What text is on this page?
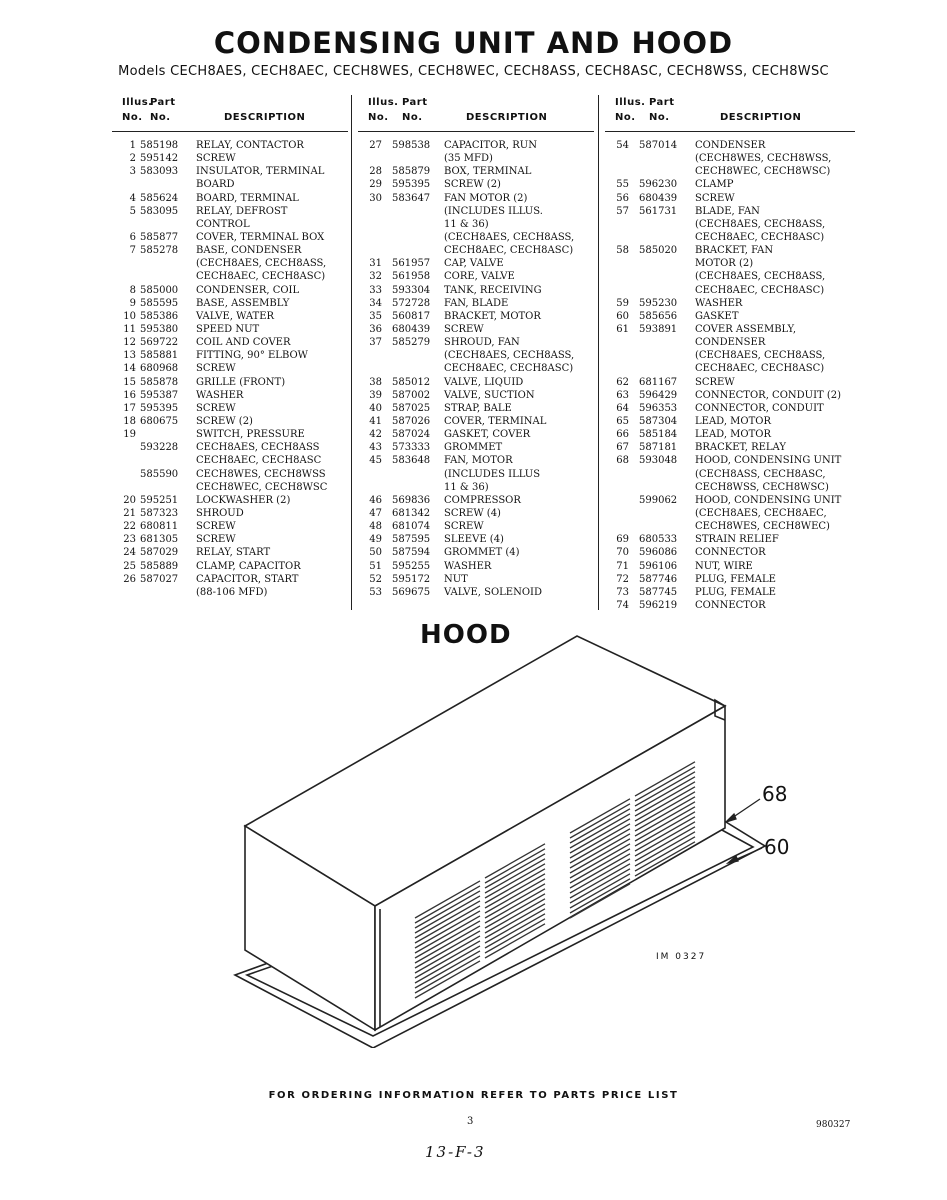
CONDENSING UNIT AND HOOD
Models CECH8AES, CECH8AEC, CECH8WES, CECH8WEC, CECH8ASS, CECH8ASC, CECH8WSS, CECH8WSC
Illus.
Part
No. No.	DESCRIPTION
1 585198 RELAY, CONTACTOR
2 595142 SCREW
3 583093 INSULATOR, TERMINAL
BOARD
4 585624 BOARD, TERMINAL
5 583095 RELAY, DEFROST
CONTROL
6 585877 COVER, TERMINAL BOX
7 585278 BASE, CONDENSER
(CECH8AES, CECH8ASS,
CECH8AEC, CECH8ASC)
8 585000 CONDENSER, COIL
9 585595 BASE, ASSEMBLY
10 585386 VALVE, WATER
11 595380 SPEED NUT
12 569722 COIL AND COVER
13 585881 FITTING, 90° ELBOW
14 680968 SCREW
15 585878 GRILLE (FRONT)
16 595387 WASHER
17 595395 SCREW
18 680675 SCREW (2)
19	SWITCH, PRESSURE
593228 CECH8AES, CECH8ASS
CECH8AEC, CECH8ASC
585590 CECH8WES, CECH8WSS
CECH8WEC, CECH8WSC
20 595251 LOCKWASHER (2)
21 587323 SHROUD
22 680811 SCREW
23 681305 SCREW
24 587029 RELAY, START
25 585889 CLAMP, CAPACITOR
26 587027 CAPACITOR, START
(88-106 MFD)
Illus. Part
No. No.	DESCRIPTION
27 598538 CAPACITOR, RUN
(35 MFD)
28 585879 BOX, TERMINAL
29 595395 SCREW (2)
30 583647 FAN MOTOR (2)
(INCLUDES ILLUS.
11 & 36)
(CECH8AES, CECH8ASS,
CECH8AEC, CECH8ASC)
31 561957 CAP, VALVE
32 561958 CORE, VALVE
33 593304 TANK, RECEIVING
34 572728 FAN, BLADE
35 560817 BRACKET, MOTOR
36 680439 SCREW
37 585279 SHROUD, FAN
(CECH8AES, CECH8ASS,
CECH8AEC, CECH8ASC)
38 585012 VALVE, LIQUID
39 587002 VALVE, SUCTION
40 587025 STRAP, BALE
41 587026 COVER, TERMINAL
42 587024 GASKET, COVER
43 573333 GROMMET
45 583648 FAN, MOTOR
(INCLUDES ILLUS
11 & 36)
46 569836 COMPRESSOR
47 681342 SCREW (4)
48 681074 SCREW
49 587595 SLEEVE (4)
50 587594 GROMMET (4)
51 595255 WASHER
52 595172 NUT
53 569675 VALVE, SOLENOID
Illus. Part
No. No.	DESCRIPTION
54 587014 CONDENSER
(CECH8WES, CECH8WSS,
CECH8WEC, CECH8WSC)
55 596230 CLAMP
56 680439 SCREW
57 561731 BLADE, FAN
(CECH8AES, CECH8ASS,
CECH8AEC, CECH8ASC)
58 585020 BRACKET, FAN
MOTOR (2)
(CECH8AES, CECH8ASS,
CECH8AEC, CECH8ASC)
59 595230 WASHER
60 585656 GASKET
61 593891 COVER ASSEMBLY,
CONDENSER
(CECH8AES, CECH8ASS,
CECH8AEC, CECH8ASC)
62 681167 SCREW
63 596429 CONNECTOR, CONDUIT (2)
64 596353 CONNECTOR, CONDUIT
65 587304 LEAD, MOTOR
66 585184 LEAD, MOTOR
67 587181 BRACKET, RELAY
68 593048 HOOD, CONDENSING UNIT
(CECH8ASS, CECH8ASC,
CECH8WSS, CECH8WSC)
599062 HOOD, CONDENSING UNIT
(CECH8AES, CECH8AEC,
CECH8WES, CECH8WEC)
69 680533 STRAIN RELIEF
70 596086 CONNECTOR
71 596106 NUT, WIRE
72 587746 PLUG, FEMALE
73 587745 PLUG, FEMALE
74 596219 CONNECTOR
HOOD
68
60
IM 0327
FOR ORDERING INFORMATION REFER TO PARTS PRICE LIST
3	980327
13-F-3
